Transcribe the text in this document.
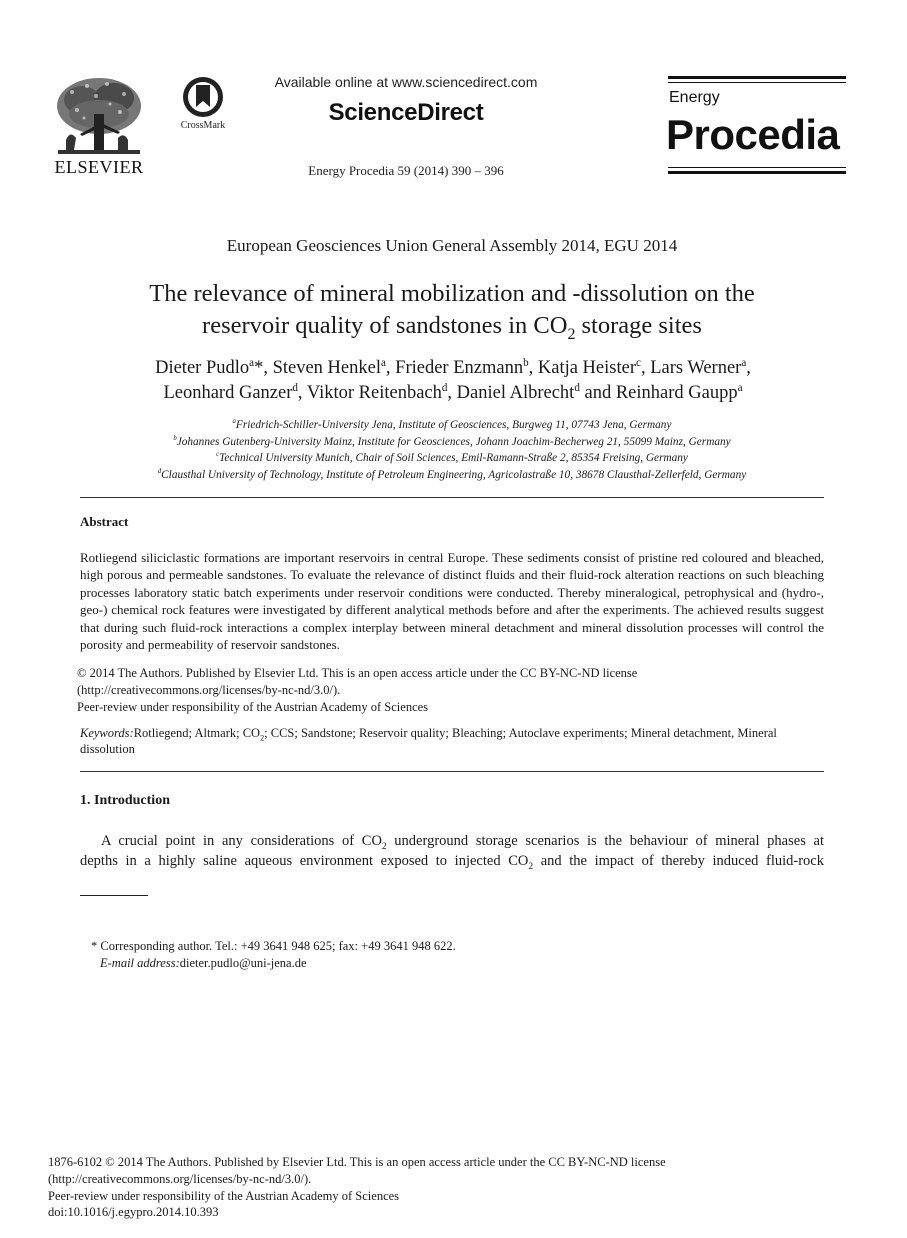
ELSEVIER
CrossMark
Available online at www.sciencedirect.com
ScienceDirect
Energy Procedia 59 (2014) 390 – 396
Energy
Procedia
European Geosciences Union General Assembly 2014, EGU 2014
The relevance of mineral mobilization and -dissolution on the
reservoir quality of sandstones in $CO_2$ storage sites
Dieter Pudlo$^a$*, Steven Henkel$^a$, Frieder Enzmann$^b$, Katja Heister$^c$, Lars Werner$^a$,
Leonhard Ganzer$^d$, Viktor Reitenbach$^d$, Daniel Albrecht$^d$ and Reinhard Gaupp$^a$
$^a$Friedrich-Schiller-University Jena, Institute of Geosciences, Burgweg 11, 07743 Jena, Germany
$^b$Johannes Gutenberg-University Mainz, Institute for Geosciences, Johann Joachim-Becherweg 21, 55099 Mainz, Germany
$^c$Technical University Munich, Chair of Soil Sciences, Emil-Ramann-Straße 2, 85354 Freising, Germany
$^d$Clausthal University of Technology, Institute of Petroleum Engineering, Agricolastraße 10, 38678 Clausthal-Zellerfeld, Germany
Abstract
Rotliegend siliciclastic formations are important reservoirs in central Europe. These sediments consist of pristine red coloured and bleached, high porous and permeable sandstones. To evaluate the relevance of distinct fluids and their fluid-rock alteration reactions on such bleaching processes laboratory static batch experiments under reservoir conditions were conducted. Thereby mineralogical, petrophysical and (hydro-, geo-) chemical rock features were investigated by different analytical methods before and after the experiments. The achieved results suggest that during such fluid-rock interactions a complex interplay between mineral detachment and mineral dissolution processes will control the porosity and permeability of reservoir sandstones.
© 2014 The Authors. Published by Elsevier Ltd. This is an open access article under the CC BY-NC-ND license
(http://creativecommons.org/licenses/by-nc-nd/3.0/).
Peer-review under responsibility of the Austrian Academy of Sciences
Keywords:Rotliegend; Altmark; $CO_2$; CCS; Sandstone; Reservoir quality; Bleaching; Autoclave experiments; Mineral detachment, Mineral
dissolution
1. Introduction
A crucial point in any considerations of $CO_2$ underground storage scenarios is the behaviour of mineral phases at
depths in a highly saline aqueous environment exposed to injected $CO_2$ and the impact of thereby induced fluid-rock
* Corresponding author. Tel.: +49 3641 948 625; fax: +49 3641 948 622.
E-mail address:dieter.pudlo@uni-jena.de
1876-6102 © 2014 The Authors. Published by Elsevier Ltd. This is an open access article under the CC BY-NC-ND license
(http://creativecommons.org/licenses/by-nc-nd/3.0/).
Peer-review under responsibility of the Austrian Academy of Sciences
doi:10.1016/j.egypro.2014.10.393
